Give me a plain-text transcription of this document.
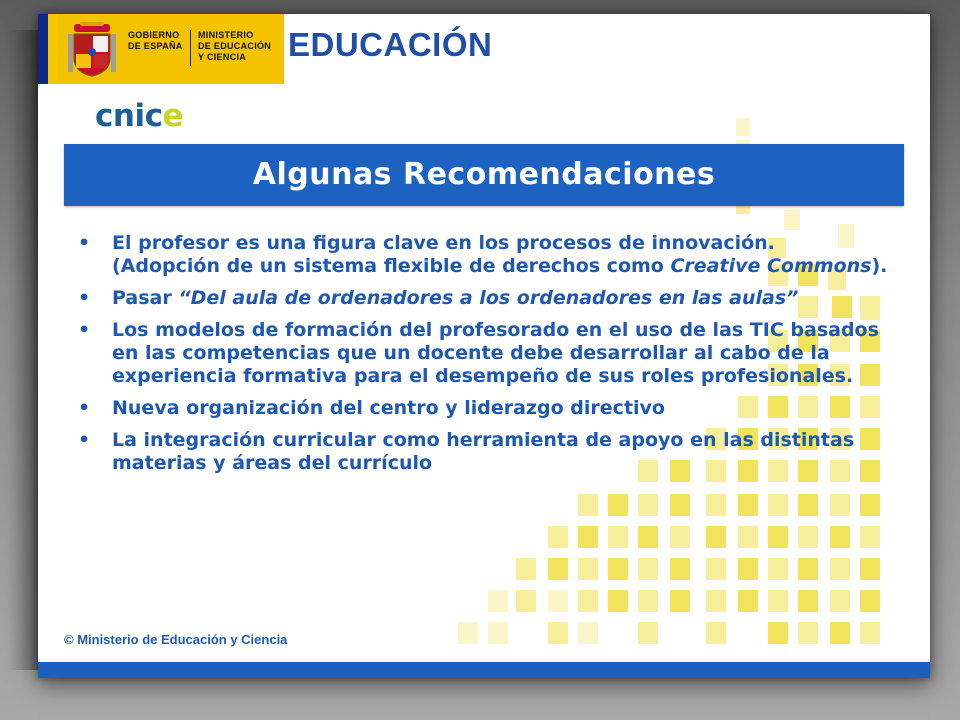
GOBIERNO
DE ESPAÑA
MINISTERIO
DE EDUCACIÓN
Y CIENCIA	EDUCACIÓN
cnice
Algunas Recomendaciones
• El profesor es una figura clave en los procesos de innovación. (Adopción de un sistema flexible de derechos como Creative Commons).
• Pasar “Del aula de ordenadores a los ordenadores en las aulas”
• Los modelos de formación del profesorado en el uso de las TIC basados en las competencias que un docente debe desarrollar al cabo de la experiencia formativa para el desempeño de sus roles profesionales.
• Nueva organización del centro y liderazgo directivo
• La integración curricular como herramienta de apoyo en las distintas materias y áreas del currículo
© Ministerio de Educación y Ciencia
